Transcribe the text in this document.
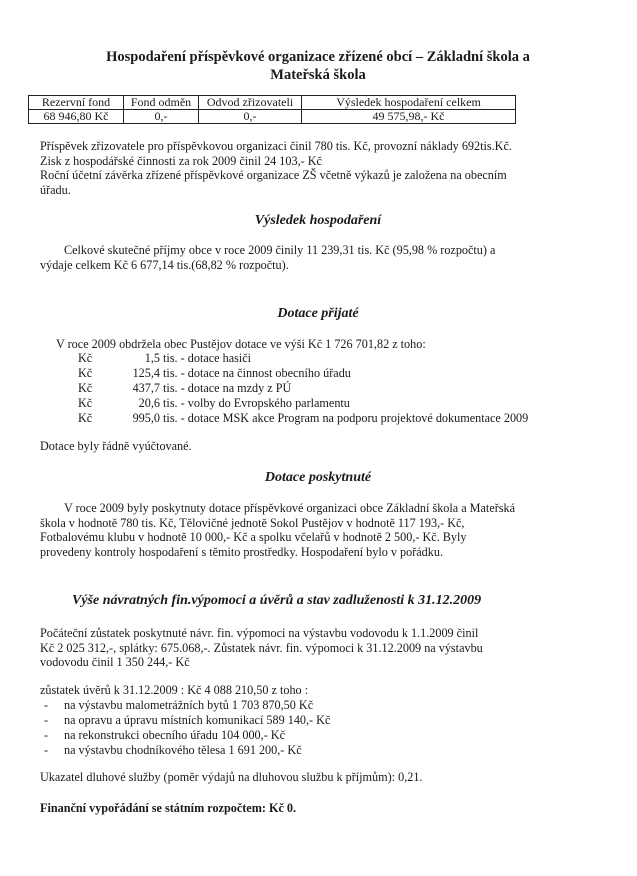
Hospodaření příspěvkové organizace zřízené obcí – Základní škola a
Mateřská škola
Rezervní fond	Fond odměn	Odvod zřizovateli	Výsledek hospodaření celkem
68 946,80 Kč	0,-	0,-	49 575,98,- Kč
Příspěvek zřizovatele pro příspěvkovou organizaci činil 780 tis. Kč, provozní náklady 692tis.Kč.
Zisk z hospodářské činnosti za rok 2009 činil 24 103,- Kč
Roční účetní závěrka zřízené příspěvkové organizace ZŠ včetně výkazů je založena na obecním
úřadu.
Výsledek hospodaření
Celkové skutečné příjmy obce v roce 2009 činily 11 239,31 tis. Kč (95,98 % rozpočtu) a
výdaje celkem Kč 6 677,14 tis.(68,82 % rozpočtu).
Dotace přijaté
V roce 2009 obdržela obec Pustějov dotace ve výši Kč 1 726 701,82 z toho:
Kč	1,5 tis. - dotace hasiči
Kč	125,4 tis. - dotace na činnost obecního úřadu
Kč	437,7 tis. - dotace na mzdy z PÚ
Kč	20,6 tis. - volby do Evropského parlamentu
Kč	995,0 tis. - dotace MSK akce Program na podporu projektové dokumentace 2009
Dotace byly řádně vyúčtované.
Dotace poskytnuté
V roce 2009 byly poskytnuty dotace příspěvkové organizaci obce Základní škola a Mateřská
škola v hodnotě 780 tis. Kč, Tělovičné jednotě Sokol Pustějov v hodnotě 117 193,- Kč,
Fotbalovému klubu v hodnotě 10 000,- Kč a spolku včelařů v hodnotě 2 500,- Kč. Byly
provedeny kontroly hospodaření s těmito prostředky. Hospodaření bylo v pořádku.
Výše návratných fin.výpomoci a úvěrů a stav zadluženosti k 31.12.2009
Počáteční zůstatek poskytnuté návr. fin. výpomoci na výstavbu vodovodu k 1.1.2009 činil
Kč 2 025 312,-, splátky: 675.068,-. Zůstatek návr. fin. výpomoci k 31.12.2009 na výstavbu
vodovodu činil 1 350 244,- Kč
zůstatek úvěrů k 31.12.2009 : Kč 4 088 210,50 z toho :
- na výstavbu malometrážních bytů 1 703 870,50 Kč
- na opravu a úpravu místních komunikací 589 140,- Kč
- na rekonstrukci obecního úřadu 104 000,- Kč
- na výstavbu chodníkového tělesa 1 691 200,- Kč
Ukazatel dluhové služby (poměr výdajů na dluhovou službu k příjmům): 0,21.
Finanční vypořádání se státním rozpočtem: Kč 0.
